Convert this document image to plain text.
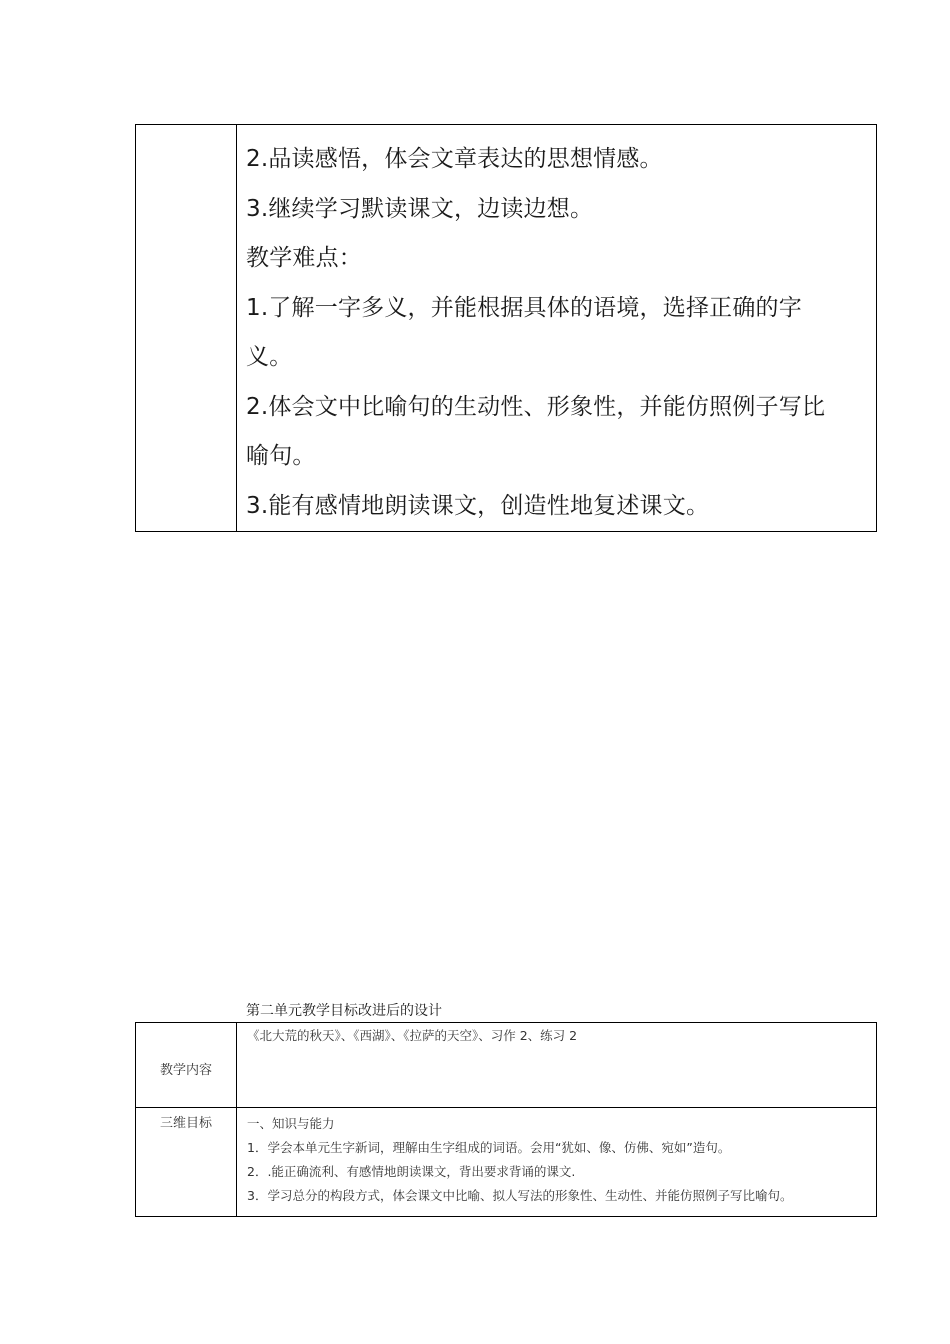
2.品读感悟，体会文章表达的思想情感。
3.继续学习默读课文，边读边想。
教学难点：
1.了解一字多义，并能根据具体的语境，选择正确的字
义。
2.体会文中比喻句的生动性、形象性，并能仿照例子写比
喻句。
3.能有感情地朗读课文，创造性地复述课文。
第二单元教学目标改进后的设计
教学内容	《北大荒的秋天》、《西湖》、《拉萨的天空》、习作 2、练习 2

三维目标	一、知识与能力
1．学会本单元生字新词，理解由生字组成的词语。会用“犹如、像、仿佛、宛如”造句。
2．.能正确流利、有感情地朗读课文，背出要求背诵的课文.
3．学习总分的构段方式，体会课文中比喻、拟人写法的形象性、生动性、并能仿照例子写比喻句。
